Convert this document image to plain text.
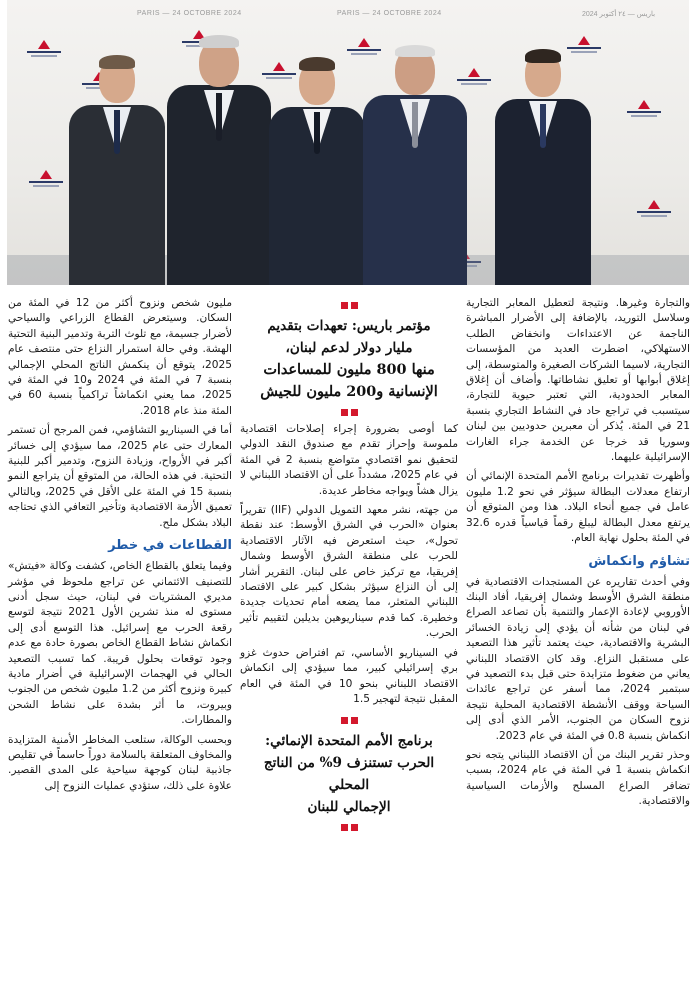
PARIS — 24 OCTOBRE 2024	PARIS — 24 OCTOBRE 2024	باريس — ٢٤ أكتوبر 2024

والتجارة وغيرها. ونتيجة لتعطيل المعابر التجارية وسلاسل التوريد، بالإضافة إلى الأضرار المباشرة الناجمة عن الاعتداءات وانخفاض الطلب الاستهلاكي، اضطرت العديد من المؤسسات التجارية، لاسيما الشركات الصغيرة والمتوسطة، إلى إغلاق أبوابها أو تعليق نشاطاتها. وأضاف أن إغلاق المعابر الحدودية، التي تعتبر حيوية للتجارة، سيتسبب في تراجع حاد في النشاط التجاري بنسبة 21 في المئة. يُذكر أن معبرين حدوديين بين لبنان وسوريا قد خرجا عن الخدمة جراء الغارات الإسرائيلية عليهما.

وأظهرت تقديرات برنامج الأمم المتحدة الإنمائي أن ارتفاع معدلات البطالة سيؤثر في نحو 1.2 مليون عامل في جميع أنحاء البلاد. هذا ومن المتوقع أن يرتفع معدل البطالة ليبلغ رقماً قياسياً قدره 32.6 في المئة بحلول نهاية العام.

تشاؤم وانكماش

وفي أحدث تقاريره عن المستجدات الاقتصادية في منطقة الشرق الأوسط وشمال إفريقيا، أفاد البنك الأوروبي لإعادة الإعمار والتنمية بأن تصاعد الصراع في لبنان من شأنه أن يؤدي إلى زيادة الخسائر البشرية والاقتصادية، حيث يعتمد تأثير هذا التصعيد على مستقبل النزاع. وقد كان الاقتصاد اللبناني يعاني من ضغوط متزايدة حتى قبل بدء التصعيد في سبتمبر 2024، مما أسفر عن تراجع عائدات السياحة ووقف الأنشطة الاقتصادية المحلية نتيجة نزوح السكان من الجنوب، الأمر الذي أدى إلى انكماش بنسبة 0.8 في المئة في عام 2023.

وحذر تقرير البنك من أن الاقتصاد اللبناني يتجه نحو انكماش بنسبة 1 في المئة في عام 2024، بسبب تضافر الصراع المسلح والأزمات السياسية والاقتصادية.

مؤتمر باريس: تعهدات بتقديم
مليار دولار لدعم لبنان،
منها 800 مليون للمساعدات
الإنسانية و200 مليون للجيش

كما أوصى بضرورة إجراء إصلاحات اقتصادية ملموسة وإحراز تقدم مع صندوق النقد الدولي لتحقيق نمو اقتصادي متواضع بنسبة 2 في المئة في عام 2025، مشدداً على أن الاقتصاد اللبناني لا يزال هشاً ويواجه مخاطر عديدة.

من جهته، نشر معهد التمويل الدولي (IIF) تقريراً بعنوان «الحرب في الشرق الأوسط: عند نقطة تحول»، حيث استعرض فيه الآثار الاقتصادية للحرب على منطقة الشرق الأوسط وشمال إفريقيا، مع تركيز خاص على لبنان. التقرير أشار إلى أن النزاع سيؤثر بشكل كبير على الاقتصاد اللبناني المتعثر، مما يضعه أمام تحديات جديدة وخطيرة. كما قدم سيناريوهين بديلين لتقييم تأثير الحرب.

في السيناريو الأساسي، تم افتراض حدوث غزو بري إسرائيلي كبير، مما سيؤدي إلى انكماش الاقتصاد اللبناني بنحو 10 في المئة في العام المقبل نتيجة لتهجير 1.5

برنامج الأمم المتحدة الإنمائي:
الحرب تستنزف 9% من الناتج المحلي
الإجمالي للبنان

مليون شخص ونزوح أكثر من 12 في المئة من السكان. وسيتعرض القطاع الزراعي والسياحي لأضرار جسيمة، مع تلوث التربة وتدمير البنية التحتية الهشة. وفي حالة استمرار النزاع حتى منتصف عام 2025، يتوقع أن ينكمش الناتج المحلي الإجمالي بنسبة 7 في المئة في 2024 و10 في المئة في 2025، مما يعني انكماشاً تراكمياً بنسبة 60 في المئة منذ عام 2018.

أما في السيناريو التشاؤمي، فمن المرجح أن تستمر المعارك حتى عام 2025، مما سيؤدي إلى خسائر أكبر في الأرواح، وزيادة النزوح، وتدمير أكبر للبنية التحتية. في هذه الحالة، من المتوقع أن يتراجع النمو بنسبة 15 في المئة على الأقل في 2025، وبالتالي تعميق الأزمة الاقتصادية وتأخير التعافي الذي تحتاجه البلاد بشكل ملح.

القطاعات في خطر

وفيما يتعلق بالقطاع الخاص، كشفت وكالة «فيتش» للتصنيف الائتماني عن تراجع ملحوظ في مؤشر مديري المشتريات في لبنان، حيث سجل أدنى مستوى له منذ تشرين الأول 2021 نتيجة لتوسع رقعة الحرب مع إسرائيل. هذا التوسع أدى إلى انكماش نشاط القطاع الخاص بصورة حادة مع عدم وجود توقعات بحلول قريبة. كما تسبب التصعيد الحالي في الهجمات الإسرائيلية في أضرار مادية كبيرة ونزوح أكثر من 1.2 مليون شخص من الجنوب وبيروت، ما أثر بشدة على نشاط الشحن والمطارات.

وبحسب الوكالة، ستلعب المخاطر الأمنية المتزايدة والمخاوف المتعلقة بالسلامة دوراً حاسماً في تقليص جاذبية لبنان كوجهة سياحية على المدى القصير. علاوة على ذلك، ستؤدي عمليات النزوح إلى
